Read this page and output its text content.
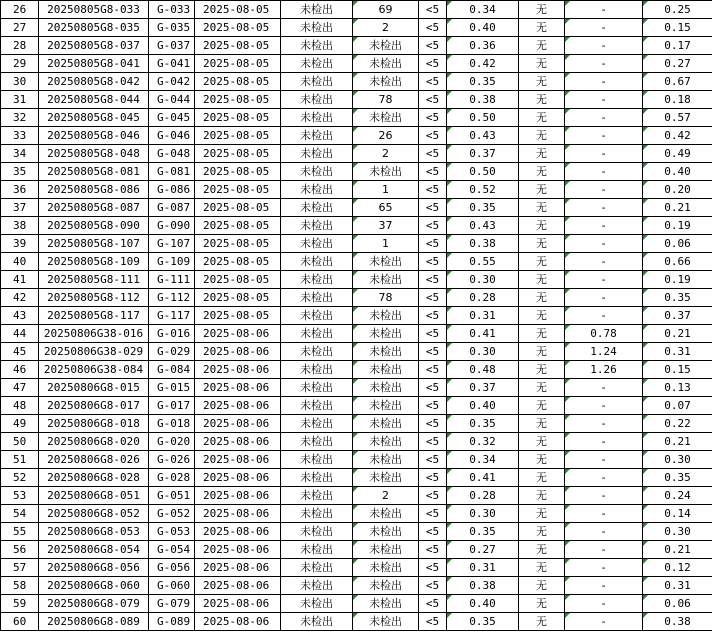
26	20250805G8-033	G-033	2025-08-05	未检出	69	<5	0.34	无	-	0.25
27	20250805G8-035	G-035	2025-08-05	未检出	2	<5	0.40	无	-	0.15
28	20250805G8-037	G-037	2025-08-05	未检出	未检出	<5	0.36	无	-	0.17
29	20250805G8-041	G-041	2025-08-05	未检出	未检出	<5	0.42	无	-	0.27
30	20250805G8-042	G-042	2025-08-05	未检出	未检出	<5	0.35	无	-	0.67
31	20250805G8-044	G-044	2025-08-05	未检出	78	<5	0.38	无	-	0.18
32	20250805G8-045	G-045	2025-08-05	未检出	未检出	<5	0.50	无	-	0.57
33	20250805G8-046	G-046	2025-08-05	未检出	26	<5	0.43	无	-	0.42
34	20250805G8-048	G-048	2025-08-05	未检出	2	<5	0.37	无	-	0.49
35	20250805G8-081	G-081	2025-08-05	未检出	未检出	<5	0.50	无	-	0.40
36	20250805G8-086	G-086	2025-08-05	未检出	1	<5	0.52	无	-	0.20
37	20250805G8-087	G-087	2025-08-05	未检出	65	<5	0.35	无	-	0.21
38	20250805G8-090	G-090	2025-08-05	未检出	37	<5	0.43	无	-	0.19
39	20250805G8-107	G-107	2025-08-05	未检出	1	<5	0.38	无	-	0.06
40	20250805G8-109	G-109	2025-08-05	未检出	未检出	<5	0.55	无	-	0.66
41	20250805G8-111	G-111	2025-08-05	未检出	未检出	<5	0.30	无	-	0.19
42	20250805G8-112	G-112	2025-08-05	未检出	78	<5	0.28	无	-	0.35
43	20250805G8-117	G-117	2025-08-05	未检出	未检出	<5	0.31	无	-	0.37
44	20250806G38-016	G-016	2025-08-06	未检出	未检出	<5	0.41	无	0.78	0.21
45	20250806G38-029	G-029	2025-08-06	未检出	未检出	<5	0.30	无	1.24	0.31
46	20250806G38-084	G-084	2025-08-06	未检出	未检出	<5	0.48	无	1.26	0.15
47	20250806G8-015	G-015	2025-08-06	未检出	未检出	<5	0.37	无	-	0.13
48	20250806G8-017	G-017	2025-08-06	未检出	未检出	<5	0.40	无	-	0.07
49	20250806G8-018	G-018	2025-08-06	未检出	未检出	<5	0.35	无	-	0.22
50	20250806G8-020	G-020	2025-08-06	未检出	未检出	<5	0.32	无	-	0.21
51	20250806G8-026	G-026	2025-08-06	未检出	未检出	<5	0.34	无	-	0.30
52	20250806G8-028	G-028	2025-08-06	未检出	未检出	<5	0.41	无	-	0.35
53	20250806G8-051	G-051	2025-08-06	未检出	2	<5	0.28	无	-	0.24
54	20250806G8-052	G-052	2025-08-06	未检出	未检出	<5	0.30	无	-	0.14
55	20250806G8-053	G-053	2025-08-06	未检出	未检出	<5	0.35	无	-	0.30
56	20250806G8-054	G-054	2025-08-06	未检出	未检出	<5	0.27	无	-	0.21
57	20250806G8-056	G-056	2025-08-06	未检出	未检出	<5	0.31	无	-	0.12
58	20250806G8-060	G-060	2025-08-06	未检出	未检出	<5	0.38	无	-	0.31
59	20250806G8-079	G-079	2025-08-06	未检出	未检出	<5	0.40	无	-	0.06
60	20250806G8-089	G-089	2025-08-06	未检出	未检出	<5	0.35	无	-	0.38
